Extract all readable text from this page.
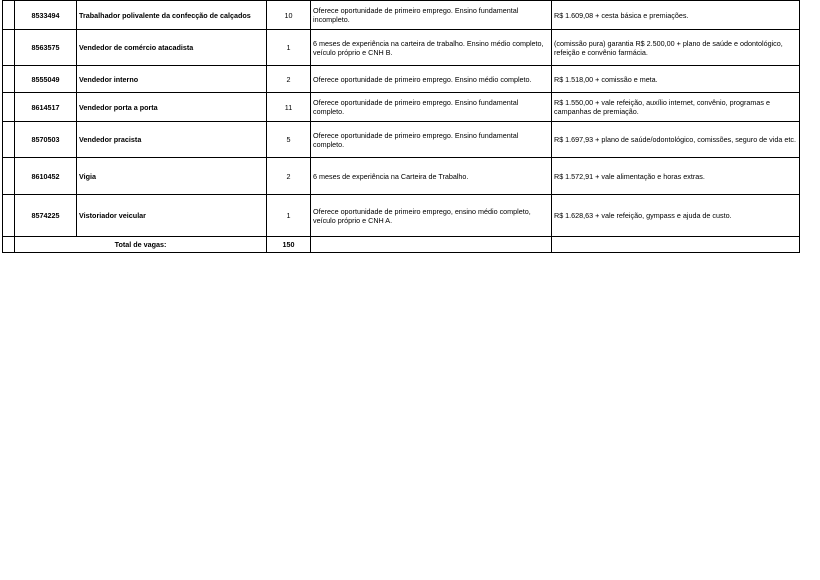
	8533494	Trabalhador polivalente da confecção de calçados	10	Oferece oportunidade de primeiro emprego. Ensino fundamental incompleto.	R$ 1.609,08 + cesta básica e premiações.
	8563575	Vendedor de comércio atacadista	1	6 meses de experiência na carteira de trabalho. Ensino médio completo, veículo próprio e CNH B.	(comissão pura) garantia R$ 2.500,00 + plano de saúde e odontológico, refeição e convênio farmácia.
	8555049	Vendedor interno	2	Oferece oportunidade de primeiro emprego. Ensino médio completo.	R$ 1.518,00 + comissão e meta.
	8614517	Vendedor porta a porta	11	Oferece oportunidade de primeiro emprego. Ensino fundamental completo.	R$ 1.550,00 + vale refeição, auxílio internet, convênio, programas e campanhas de premiação.
	8570503	Vendedor pracista	5	Oferece oportunidade de primeiro emprego. Ensino fundamental completo.	R$ 1.697,93 + plano de saúde/odontológico, comissões, seguro de vida etc.
	8610452	Vigia	2	6 meses de experiência na Carteira de Trabalho.	R$ 1.572,91 + vale alimentação e horas extras.
	8574225	Vistoriador veicular	1	Oferece oportunidade de primeiro emprego, ensino médio completo, veículo próprio e CNH A.	R$ 1.628,63 + vale refeição, gympass e ajuda de custo.
	Total de vagas:		150		
